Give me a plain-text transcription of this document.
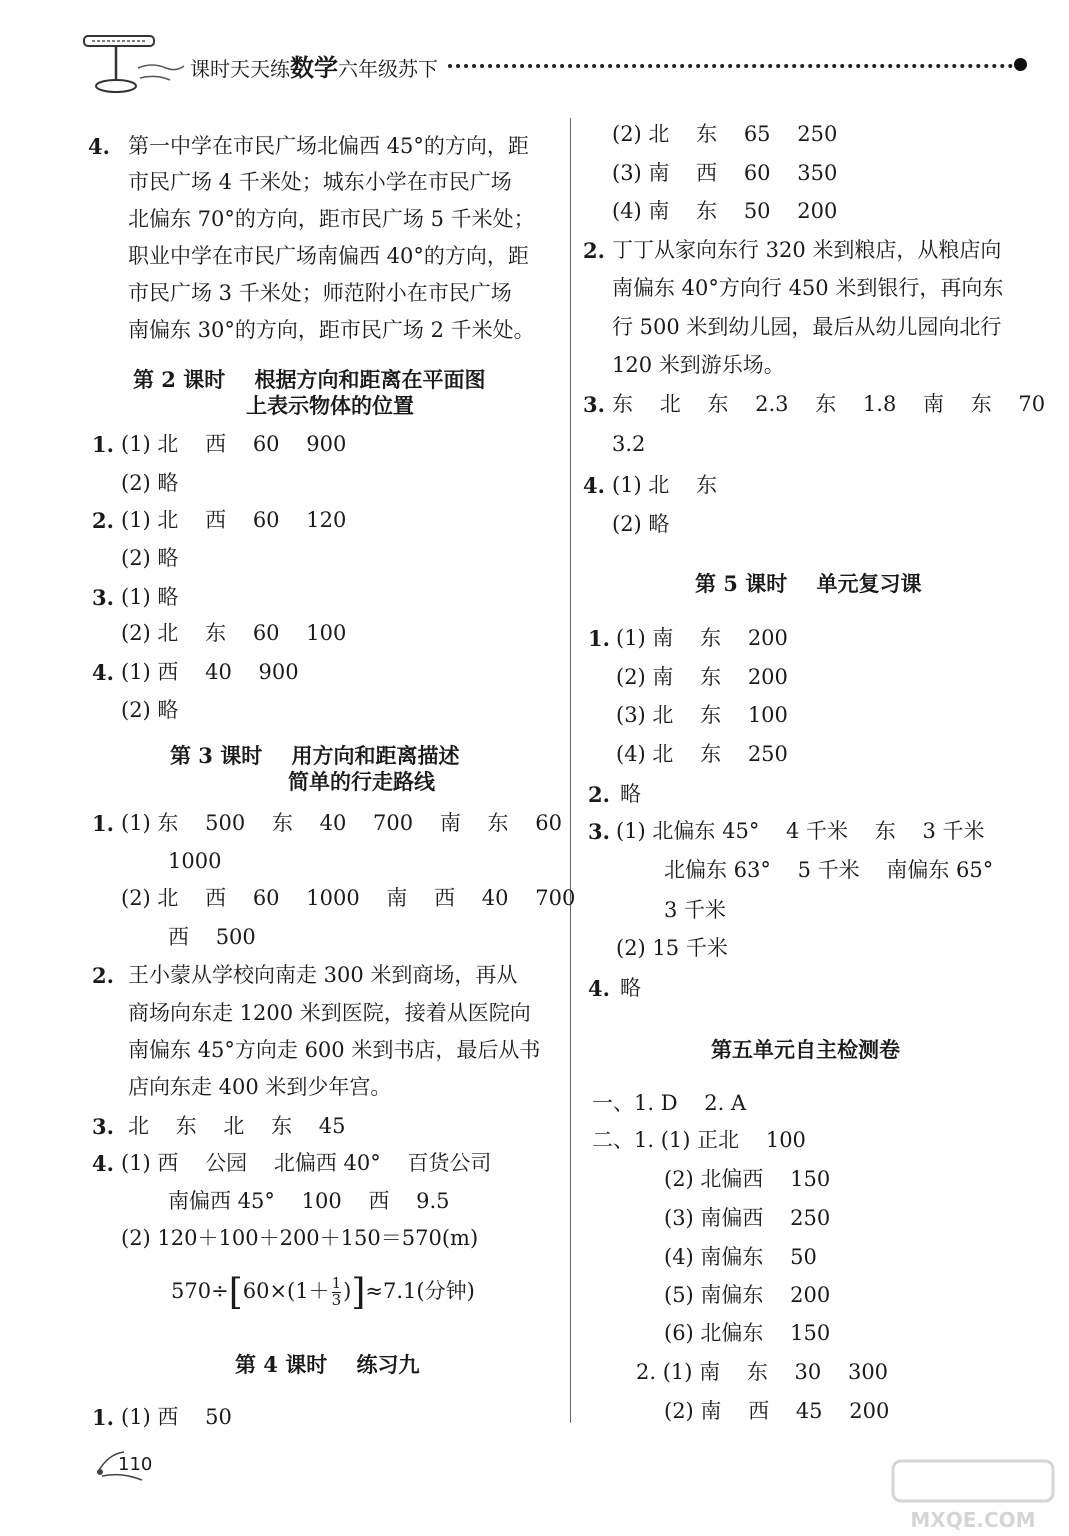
课时天天练数学六年级苏下
4. 第一中学在市民广场北偏西 45°的方向，距
市民广场 4 千米处；城东小学在市民广场
北偏东 70°的方向，距市民广场 5 千米处；
职业中学在市民广场南偏西 40°的方向，距
市民广场 3 千米处；师范附小在市民广场
南偏东 30°的方向，距市民广场 2 千米处。
第 2 课时    根据方向和距离在平面图
上表示物体的位置
1. (1) 北    西    60    900
(2) 略
2. (1) 北    西    60    120
(2) 略
3. (1) 略
(2) 北    东    60    100
4. (1) 西    40    900
(2) 略
第 3 课时    用方向和距离描述
简单的行走路线
1. (1) 东    500    东    40    700    南    东    60
1000
(2) 北    西    60    1000    南    西    40    700
西    500
2. 王小蒙从学校向南走 300 米到商场，再从
商场向东走 1200 米到医院，接着从医院向
南偏东 45°方向走 600 米到书店，最后从书
店向东走 400 米到少年宫。
3. 北    东    北    东    45
4. (1) 西    公园    北偏西 40°    百货公司
南偏西 45°    100    西    9.5
(2) 120＋100＋200＋150＝570(m)
$570\div[60\times(1+ \frac{1}{3} )]\approx 7.1$(分钟)
第 4 课时    练习九
1. (1) 西    50
(2) 北    东    65    250
(3) 南    西    60    350
(4) 南    东    50    200
2. 丁丁从家向东行 320 米到粮店，从粮店向
南偏东 40°方向行 450 米到银行，再向东
行 500 米到幼儿园，最后从幼儿园向北行
120 米到游乐场。
3. 东    北    东    2.3    东    1.8    南    东    70
3.2
4. (1) 北    东
(2) 略
第 5 课时    单元复习课
1. (1) 南    东    200
(2) 南    东    200
(3) 北    东    100
(4) 北    东    250
2. 略
3. (1) 北偏东 45°    4 千米    东    3 千米
北偏东 63°    5 千米    南偏东 65°
3 千米
(2) 15 千米
4. 略
第五单元自主检测卷
一、1. D    2. A
二、1. (1) 正北    100
(2) 北偏西    150
(3) 南偏西    250
(4) 南偏东    50
(5) 南偏东    200
(6) 北偏东    150
2. (1) 南    东    30    300
(2) 南    西    45    200
110
MXQE.COM
